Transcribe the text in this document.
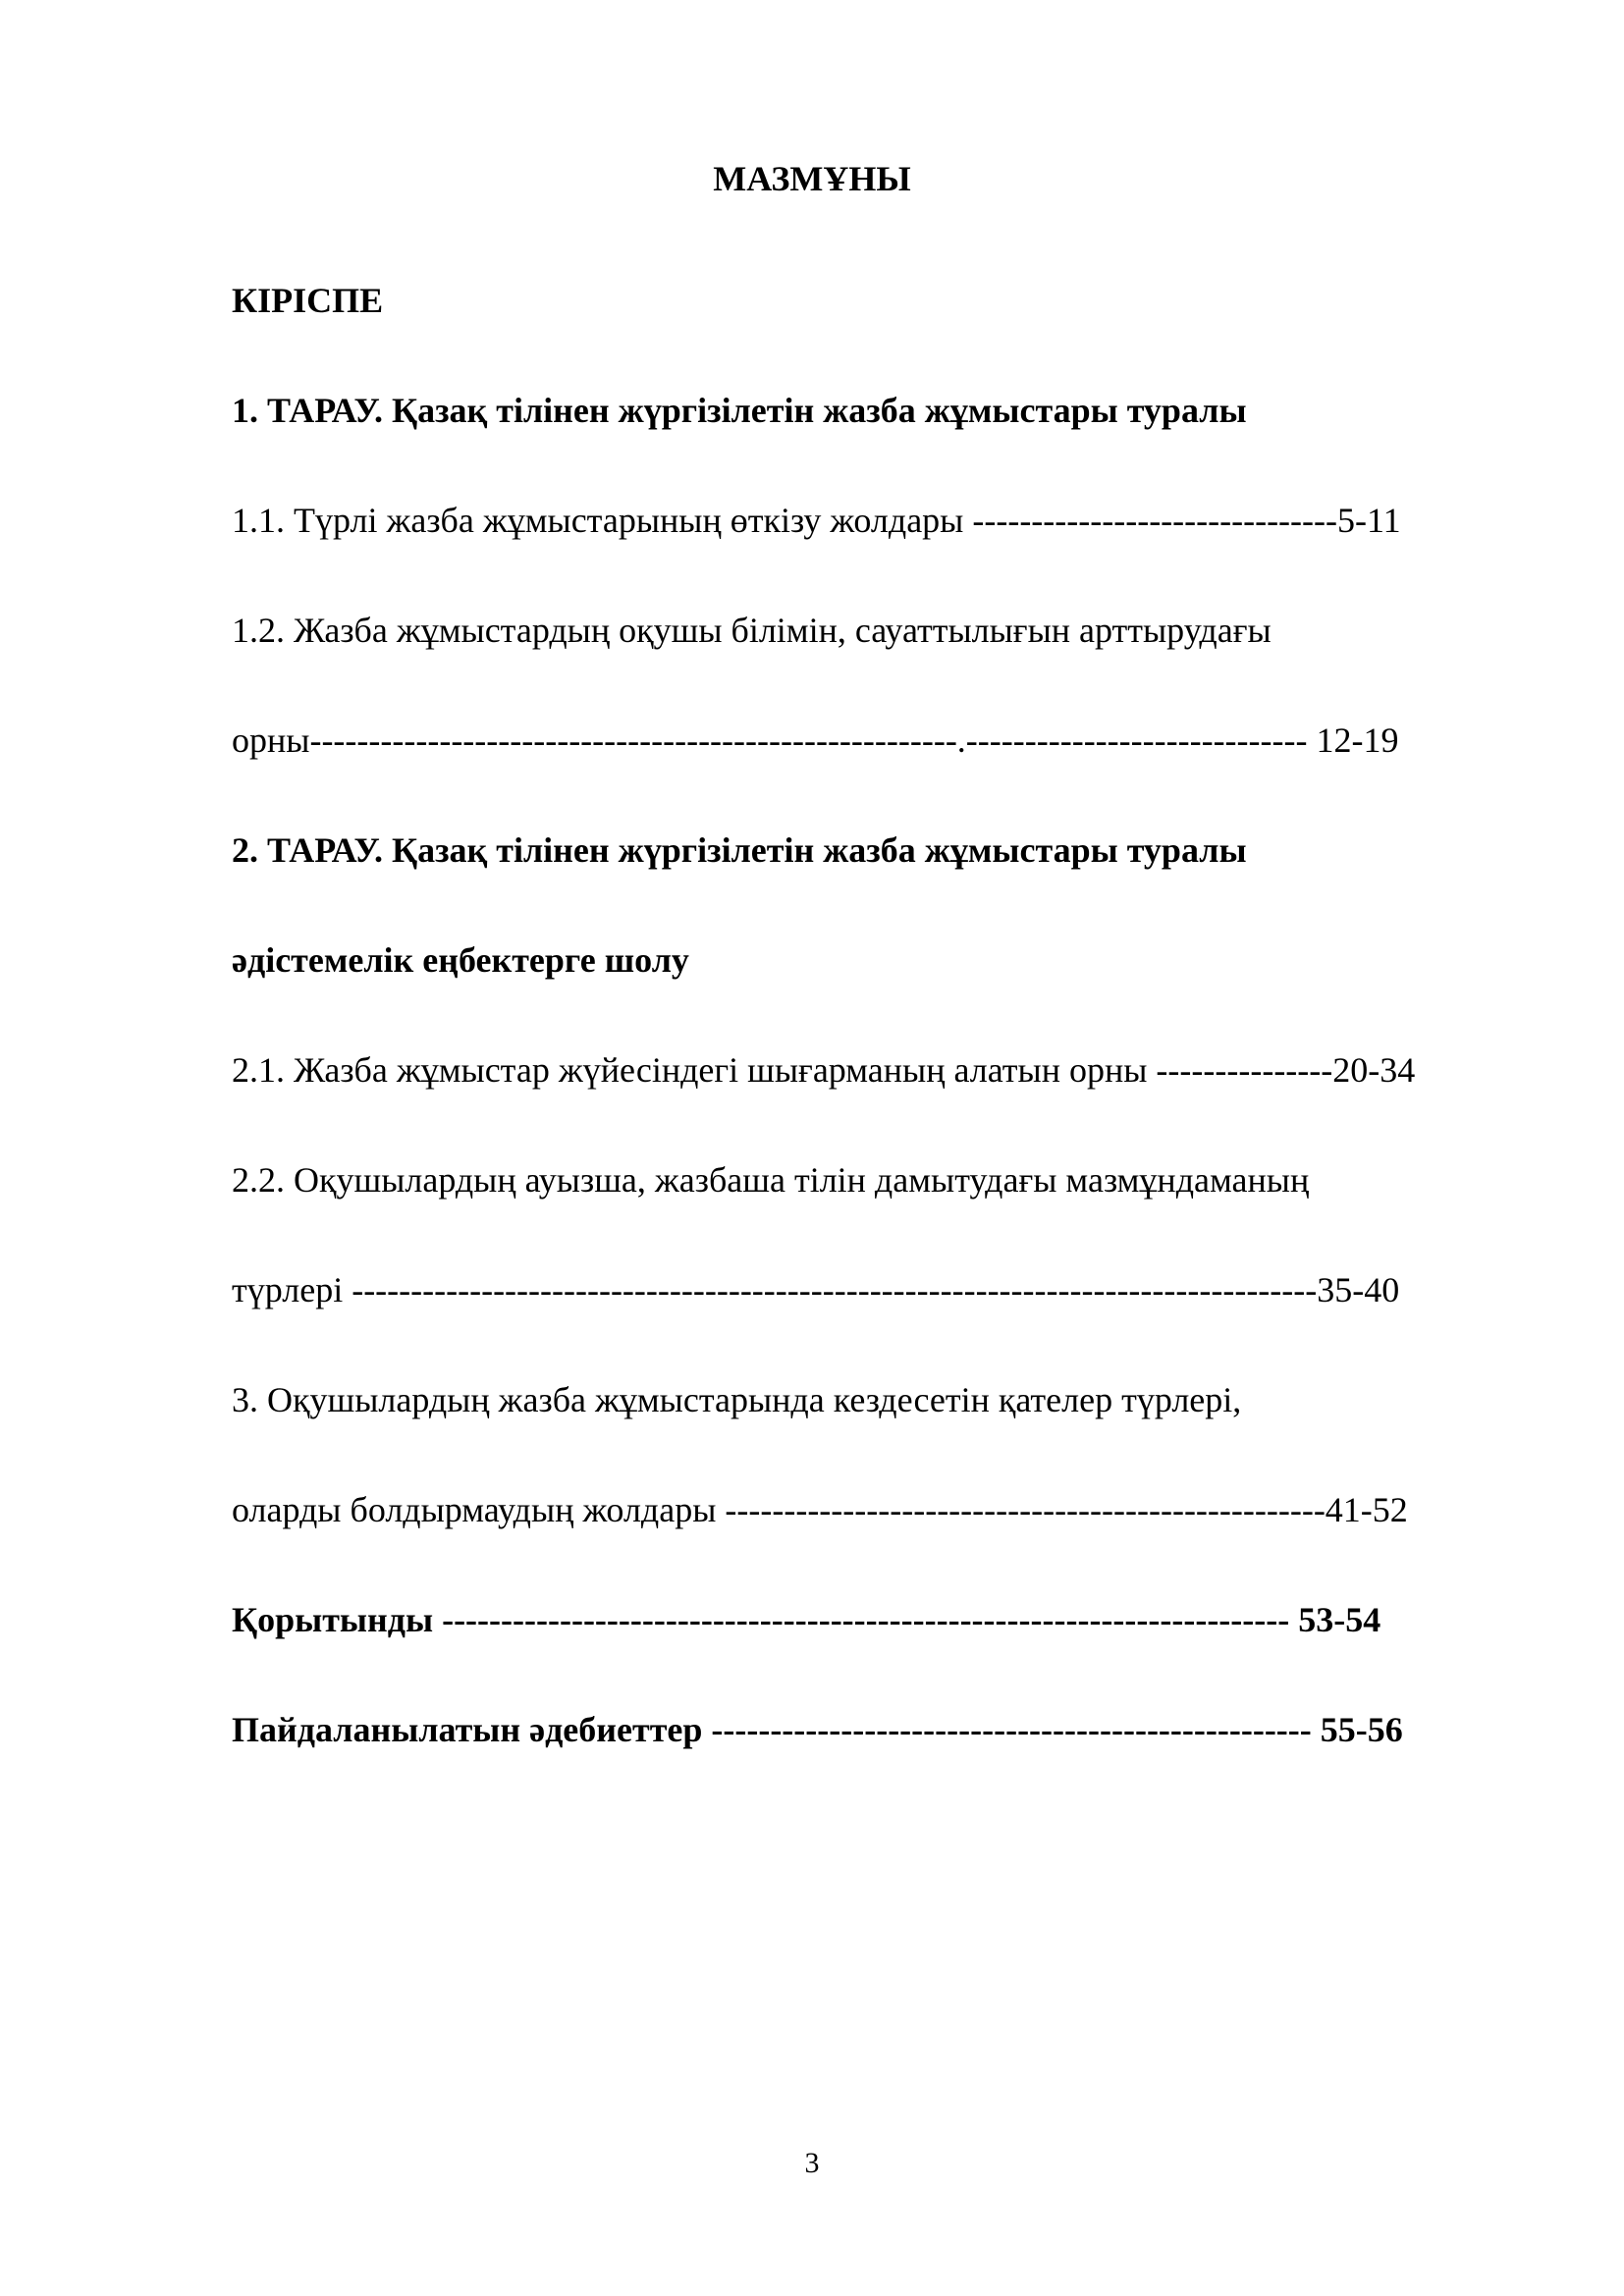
МАЗМҰНЫ
КІРІСПЕ
1. ТАРАУ. Қазақ тілінен жүргізілетін жазба жұмыстары туралы
1.1. Түрлі жазба жұмыстарының өткізу жолдары -------------------------------5-11
1.2. Жазба жұмыстардың оқушы білімін, сауаттылығын арттырудағы
орны-------------------------------------------------------.----------------------------- 12-19
2. ТАРАУ. Қазақ тілінен жүргізілетін жазба жұмыстары туралы
әдістемелік еңбектерге шолу
2.1. Жазба жұмыстар жүйесіндегі шығарманың алатын орны ---------------20-34
2.2. Оқушылардың ауызша, жазбаша тілін дамытудағы мазмұндаманың
түрлері ----------------------------------------------------------------------------------35-40
3. Оқушылардың жазба жұмыстарында кездесетін қателер түрлері,
оларды болдырмаудың жолдары ---------------------------------------------------41-52
Қорытынды ------------------------------------------------------------------------ 53-54
Пайдаланылатын әдебиеттер --------------------------------------------------- 55-56
3
